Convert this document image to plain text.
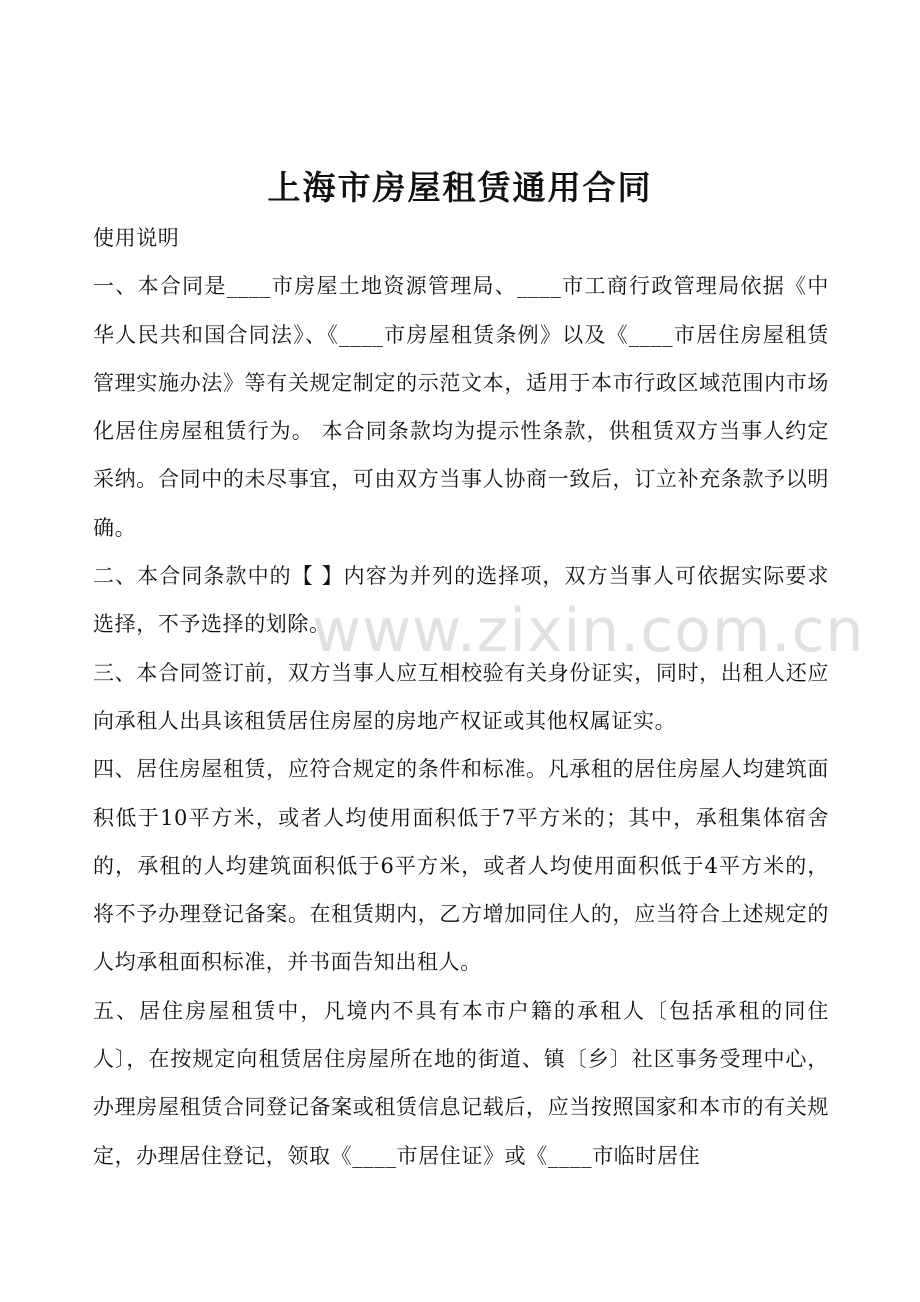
上海市房屋租赁通用合同

使用说明

一、本合同是____市房屋土地资源管理局、____市工商行政管理局依据《中华人民共和国合同法》、《____市房屋租赁条例》以及《____市居住房屋租赁管理实施办法》等有关规定制定的示范文本，适用于本市行政区域范围内市场化居住房屋租赁行为。 本合同条款均为提示性条款，供租赁双方当事人约定采纳。合同中的未尽事宜，可由双方当事人协商一致后，订立补充条款予以明确。

二、本合同条款中的【 】内容为并列的选择项，双方当事人可依据实际要求选择，不予选择的划除。

三、本合同签订前，双方当事人应互相校验有关身份证实，同时，出租人还应向承租人出具该租赁居住房屋的房地产权证或其他权属证实。

四、居住房屋租赁，应符合规定的条件和标准。凡承租的居住房屋人均建筑面积低于10平方米，或者人均使用面积低于7平方米的；其中，承租集体宿舍的，承租的人均建筑面积低于6平方米，或者人均使用面积低于4平方米的，将不予办理登记备案。在租赁期内，乙方增加同住人的，应当符合上述规定的人均承租面积标准，并书面告知出租人。

五、居住房屋租赁中，凡境内不具有本市户籍的承租人〔包括承租的同住人〕，在按规定向租赁居住房屋所在地的街道、镇〔乡〕社区事务受理中心，办理房屋租赁合同登记备案或租赁信息记载后，应当按照国家和本市的有关规定，办理居住登记，领取《____市居住证》或《____市临时居住

www.zixin.com.cn
